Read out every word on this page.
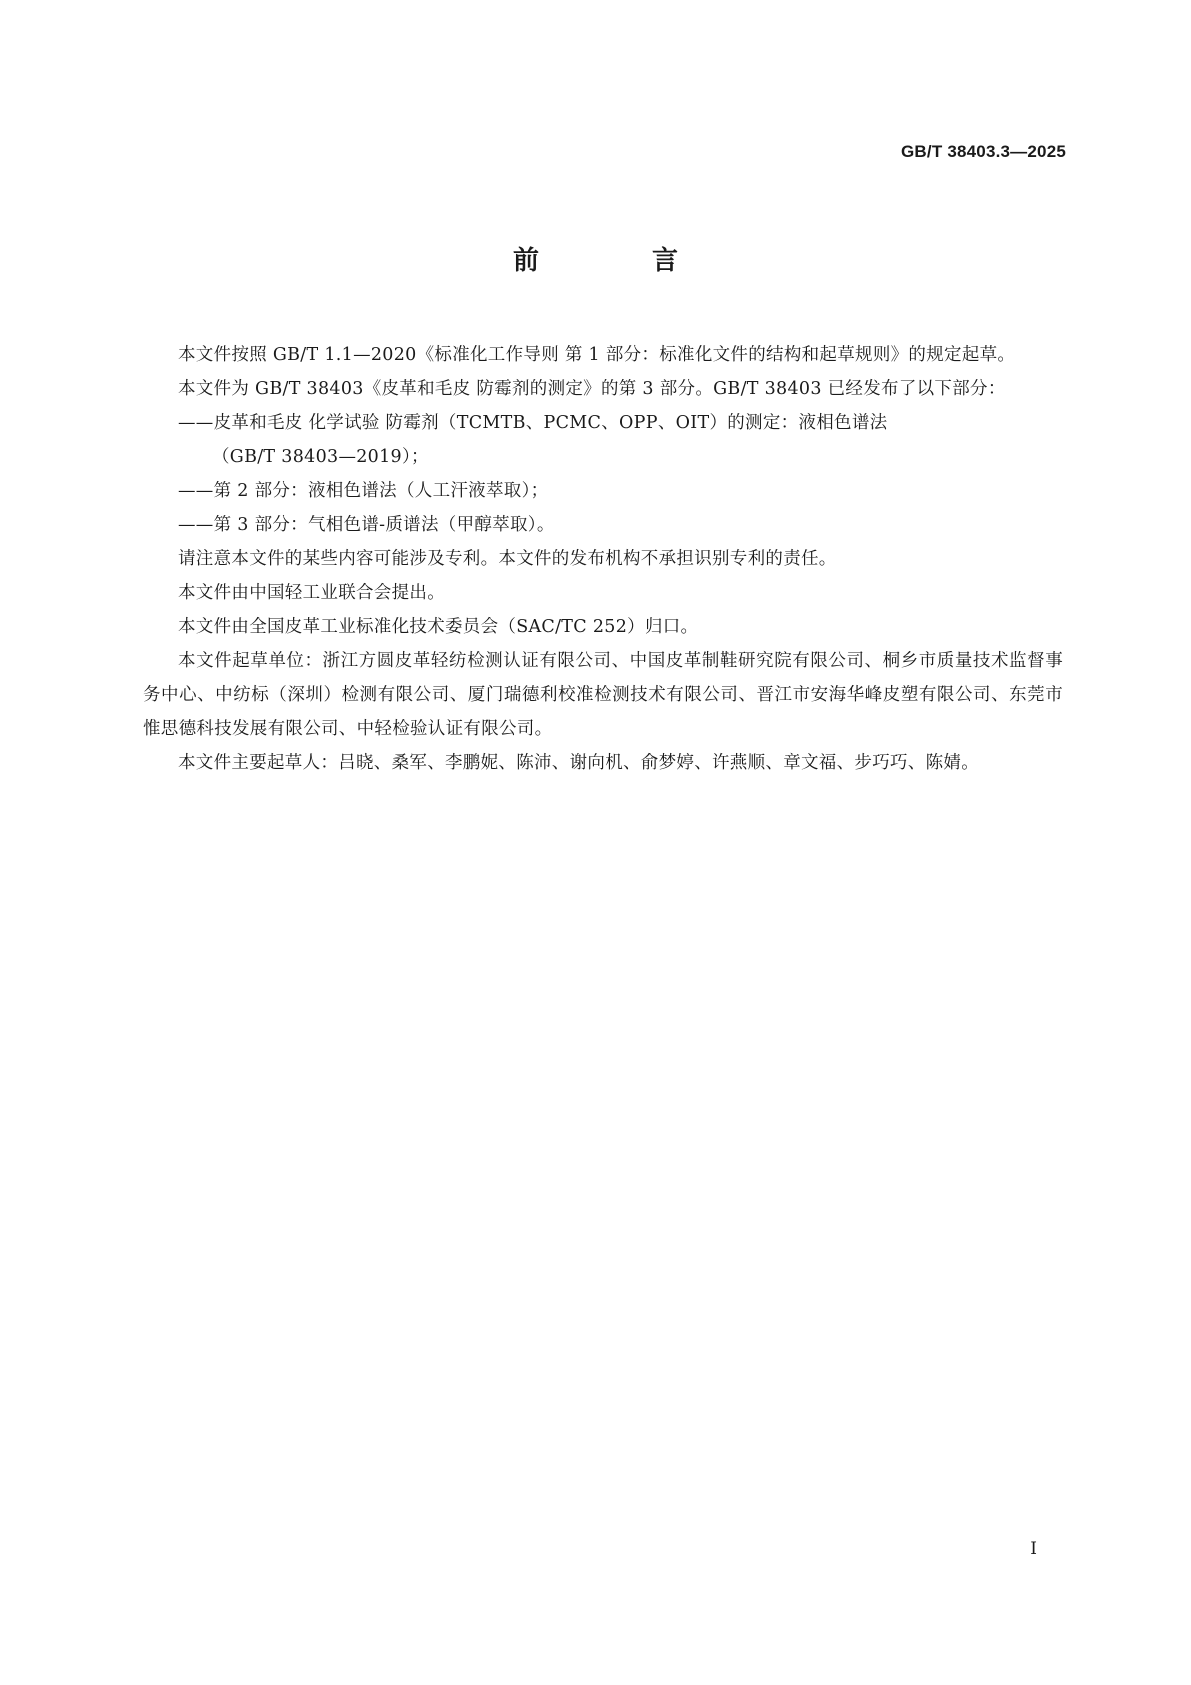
GB/T 38403.3—2025
前 言

本文件按照 GB/T 1.1—2020《标准化工作导则 第 1 部分：标准化文件的结构和起草规则》的规定起草。

本文件为 GB/T 38403《皮革和毛皮 防霉剂的测定》的第 3 部分。GB/T 38403 已经发布了以下部分：

——皮革和毛皮 化学试验 防霉剂（TCMTB、PCMC、OPP、OIT）的测定：液相色谱法
（GB/T 38403—2019）；

——第 2 部分：液相色谱法（人工汗液萃取）；

——第 3 部分：气相色谱-质谱法（甲醇萃取）。

请注意本文件的某些内容可能涉及专利。本文件的发布机构不承担识别专利的责任。

本文件由中国轻工业联合会提出。

本文件由全国皮革工业标准化技术委员会（SAC/TC 252）归口。

本文件起草单位：浙江方圆皮革轻纺检测认证有限公司、中国皮革制鞋研究院有限公司、桐乡市质量技术监督事务中心、中纺标（深圳）检测有限公司、厦门瑞德利校准检测技术有限公司、晋江市安海华峰皮塑有限公司、东莞市惟思德科技发展有限公司、中轻检验认证有限公司。

本文件主要起草人：吕晓、桑军、李鹏妮、陈沛、谢向机、俞梦婷、许燕顺、章文福、步巧巧、陈婧。

I
